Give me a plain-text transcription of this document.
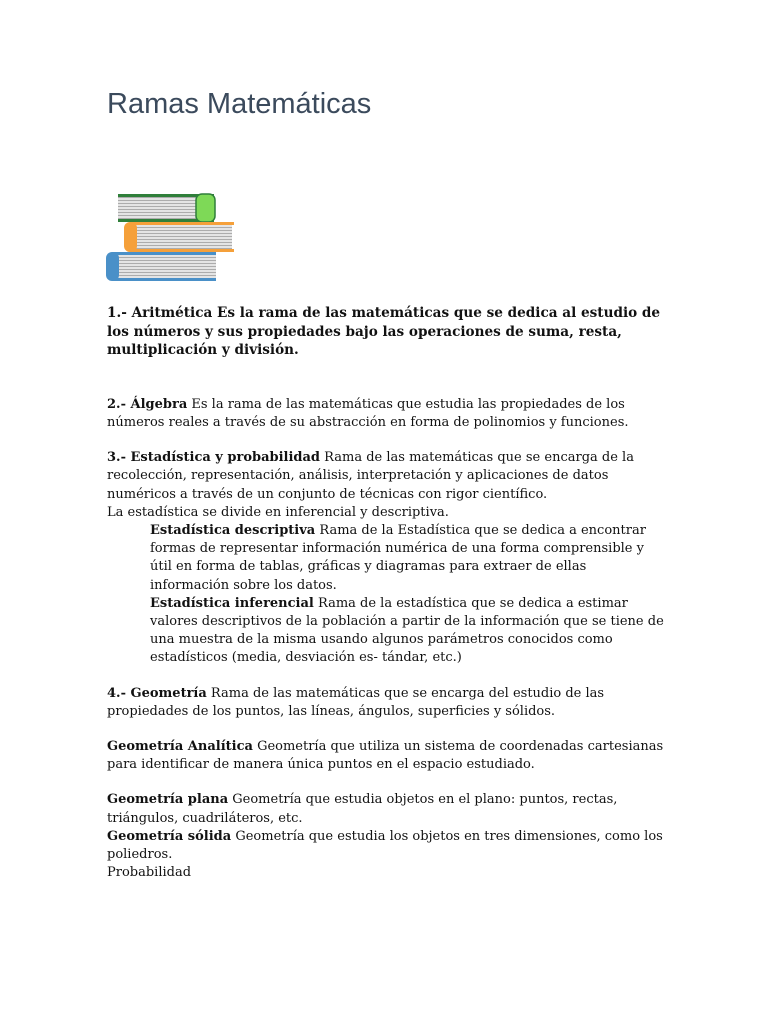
Ramas Matemáticas

1.- Aritmética Es la rama de las matemáticas que se dedica al estudio de los números y sus propiedades bajo las operaciones de suma, resta, multiplicación y división.

2.- Álgebra Es la rama de las matemáticas que estudia las propiedades de los números reales a través de su abstracción en forma de polinomios y funciones.

3.- Estadística y probabilidad Rama de las matemáticas que se encarga de la recolección, representación, análisis, interpretación y aplicaciones de datos numéricos a través de un conjunto de técnicas con rigor científico.

La estadística se divide en inferencial y descriptiva.

Estadística descriptiva Rama de la Estadística que se dedica a encontrar formas de representar información numérica de una forma comprensible y útil en forma de tablas, gráficas y diagramas para extraer de ellas información sobre los datos.

Estadística inferencial Rama de la estadística que se dedica a estimar valores descriptivos de la población a partir de la información que se tiene de una muestra de la misma usando algunos parámetros conocidos como estadísticos (media, desviación es- tándar, etc.)

4.- Geometría Rama de las matemáticas que se encarga del estudio de las propiedades de los puntos, las líneas, ángulos, superficies y sólidos.

Geometría Analítica Geometría que utiliza un sistema de coordenadas cartesianas para identificar de manera única puntos en el espacio estudiado.

Geometría plana Geometría que estudia objetos en el plano: puntos, rectas, triángulos, cuadriláteros, etc.

Geometría sólida Geometría que estudia los objetos en tres dimensiones, como los poliedros.

Probabilidad
